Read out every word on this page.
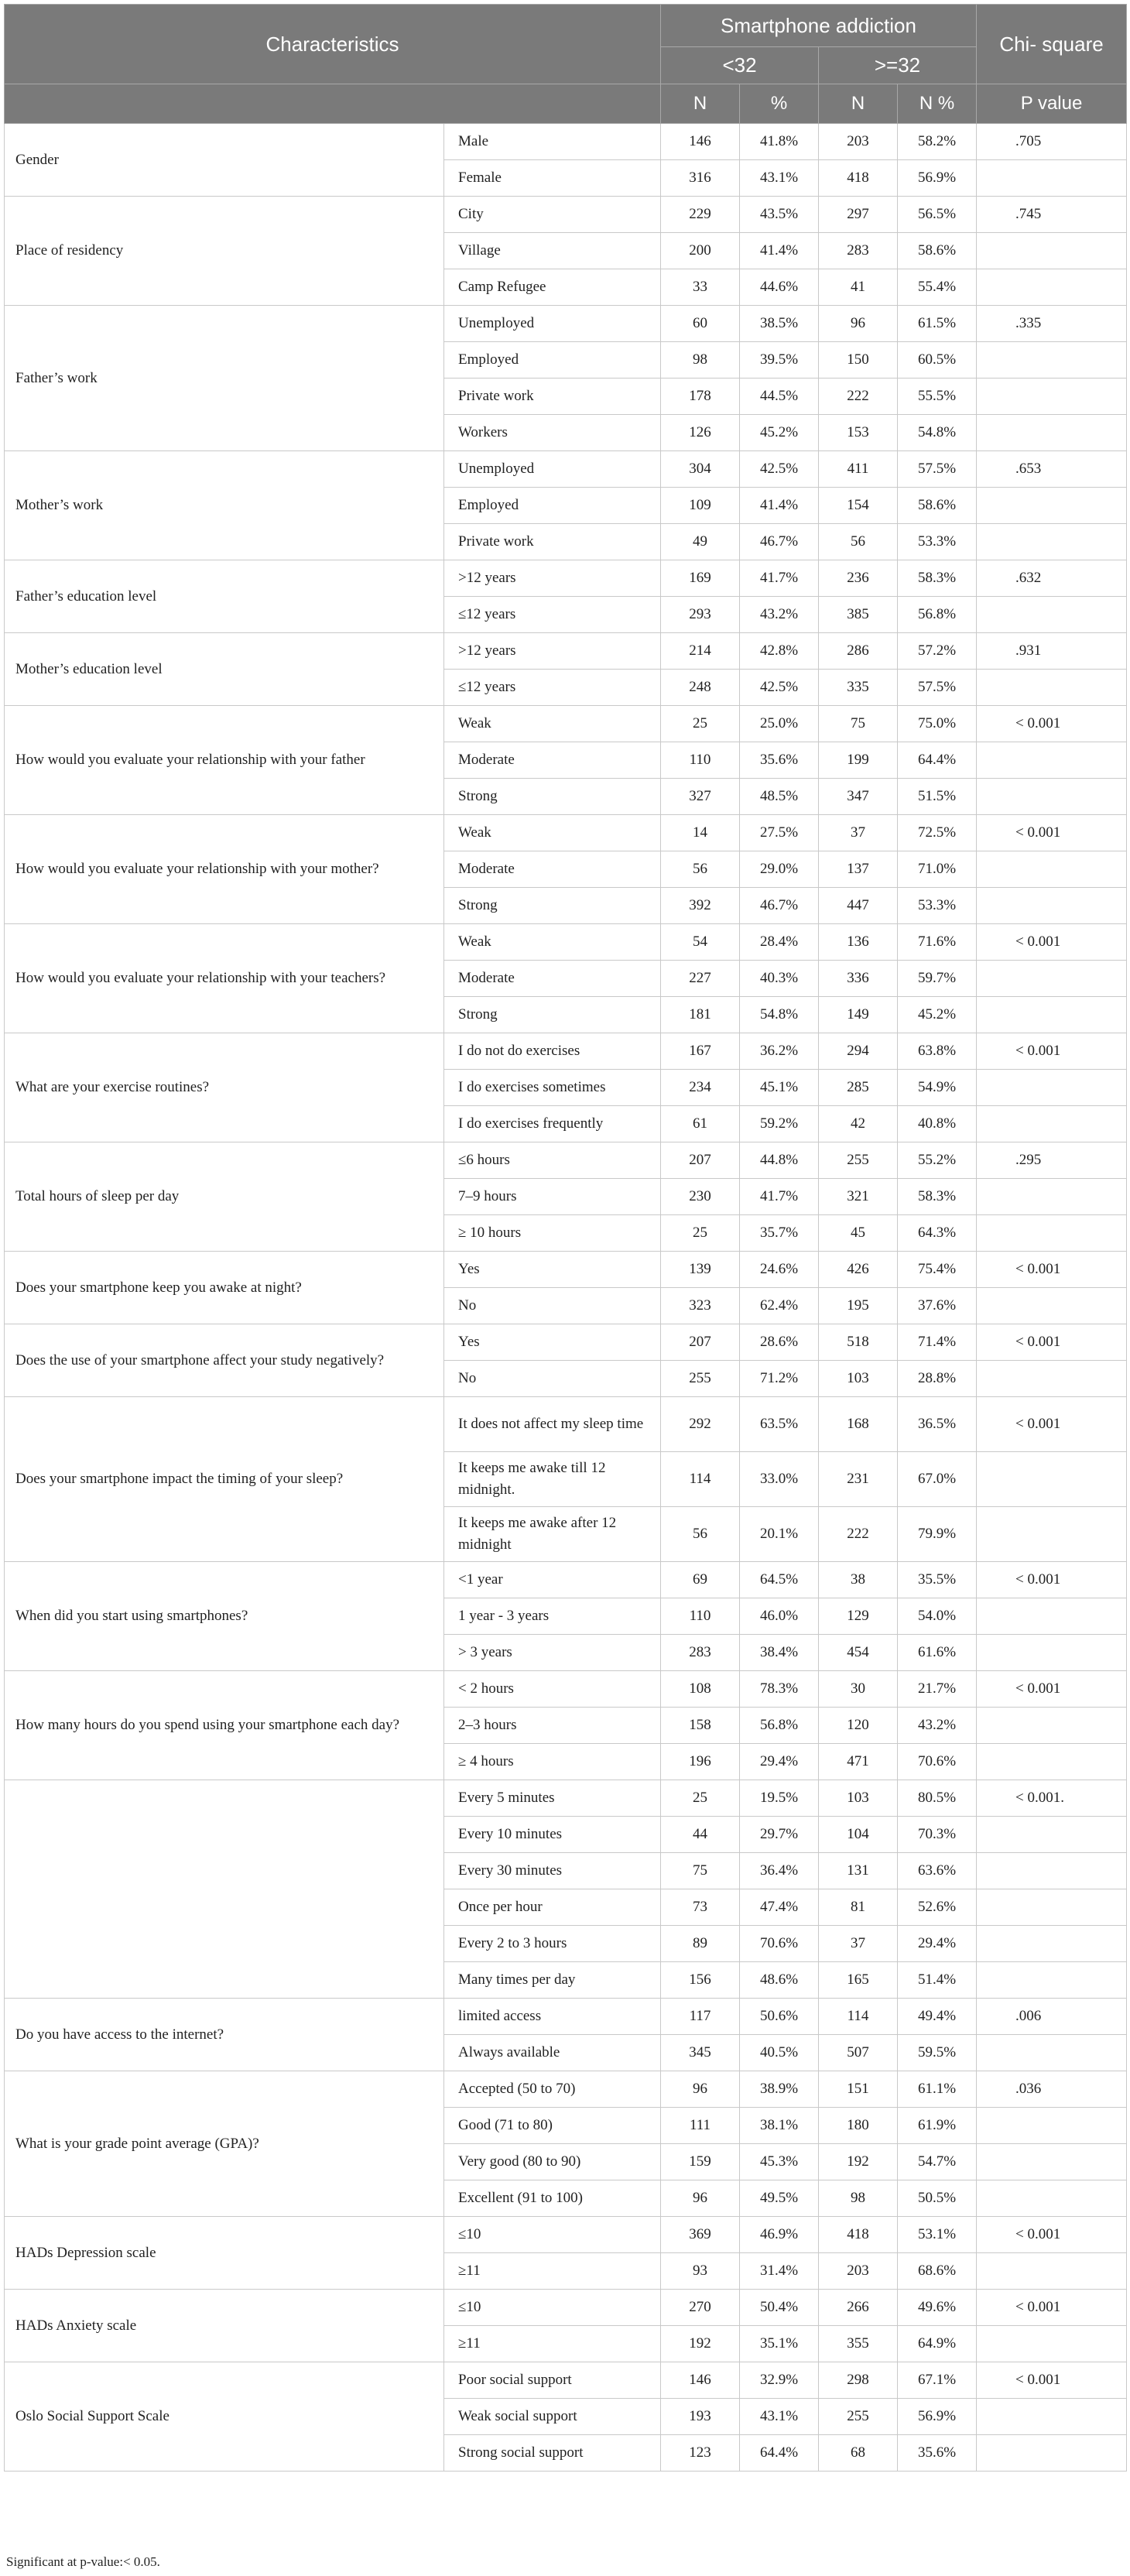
Characteristics		Smartphone addiction				Chi- square
		<32		>=32		
		N	%	N	N %	P value
Gender	Male	146	41.8%	203	58.2%	.705
	Female	316	43.1%	418	56.9%	
Place of residency	City	229	43.5%	297	56.5%	.745
	Village	200	41.4%	283	58.6%	
	Camp Refugee	33	44.6%	41	55.4%	
Father’s work	Unemployed	60	38.5%	96	61.5%	.335
	Employed	98	39.5%	150	60.5%	
	Private work	178	44.5%	222	55.5%	
	Workers	126	45.2%	153	54.8%	
Mother’s work	Unemployed	304	42.5%	411	57.5%	.653
	Employed	109	41.4%	154	58.6%	
	Private work	49	46.7%	56	53.3%	
Father’s education level	>12 years	169	41.7%	236	58.3%	.632
	≤12 years	293	43.2%	385	56.8%	
Mother’s education level	>12 years	214	42.8%	286	57.2%	.931
	≤12 years	248	42.5%	335	57.5%	
How would you evaluate your relationship with your father	Weak	25	25.0%	75	75.0%	< 0.001
	Moderate	110	35.6%	199	64.4%	
	Strong	327	48.5%	347	51.5%	
How would you evaluate your relationship with your mother?	Weak	14	27.5%	37	72.5%	< 0.001
	Moderate	56	29.0%	137	71.0%	
	Strong	392	46.7%	447	53.3%	
How would you evaluate your relationship with your teachers?	Weak	54	28.4%	136	71.6%	< 0.001
	Moderate	227	40.3%	336	59.7%	
	Strong	181	54.8%	149	45.2%	
What are your exercise routines?	I do not do exercises	167	36.2%	294	63.8%	< 0.001
	I do exercises sometimes	234	45.1%	285	54.9%	
	I do exercises frequently	61	59.2%	42	40.8%	
Total hours of sleep per day	≤6 hours	207	44.8%	255	55.2%	.295
	7–9 hours	230	41.7%	321	58.3%	
	≥ 10 hours	25	35.7%	45	64.3%	
Does your smartphone keep you awake at night?	Yes	139	24.6%	426	75.4%	< 0.001
	No	323	62.4%	195	37.6%	
Does the use of your smartphone affect your study negatively?	Yes	207	28.6%	518	71.4%	< 0.001
	No	255	71.2%	103	28.8%	
Does your smartphone impact the timing of your sleep?	It does not affect my sleep time	292	63.5%	168	36.5%	< 0.001
	It keeps me awake till 12 midnight.	114	33.0%	231	67.0%	
	It keeps me awake after 12 midnight	56	20.1%	222	79.9%	
When did you start using smartphones?	<1 year	69	64.5%	38	35.5%	< 0.001
	1 year - 3 years	110	46.0%	129	54.0%	
	> 3 years	283	38.4%	454	61.6%	
How many hours do you spend using your smartphone each day?	< 2 hours	108	78.3%	30	21.7%	< 0.001
	2–3 hours	158	56.8%	120	43.2%	
	≥ 4 hours	196	29.4%	471	70.6%	
	Every 5 minutes	25	19.5%	103	80.5%	< 0.001.
	Every 10 minutes	44	29.7%	104	70.3%	
	Every 30 minutes	75	36.4%	131	63.6%	
	Once per hour	73	47.4%	81	52.6%	
	Every 2 to 3 hours	89	70.6%	37	29.4%	
	Many times per day	156	48.6%	165	51.4%	
Do you have access to the internet?	limited access	117	50.6%	114	49.4%	.006
	Always available	345	40.5%	507	59.5%	
What is your grade point average (GPA)?	Accepted (50 to 70)	96	38.9%	151	61.1%	.036
	Good (71 to 80)	111	38.1%	180	61.9%	
	Very good (80 to 90)	159	45.3%	192	54.7%	
	Excellent (91 to 100)	96	49.5%	98	50.5%	
HADs Depression scale	≤10	369	46.9%	418	53.1%	< 0.001
	≥11	93	31.4%	203	68.6%	
HADs Anxiety scale	≤10	270	50.4%	266	49.6%	< 0.001
	≥11	192	35.1%	355	64.9%	
Oslo Social Support Scale	Poor social support	146	32.9%	298	67.1%	< 0.001
	Weak social support	193	43.1%	255	56.9%	
	Strong social support	123	64.4%	68	35.6%	
Significant at p-value:< 0.05.
